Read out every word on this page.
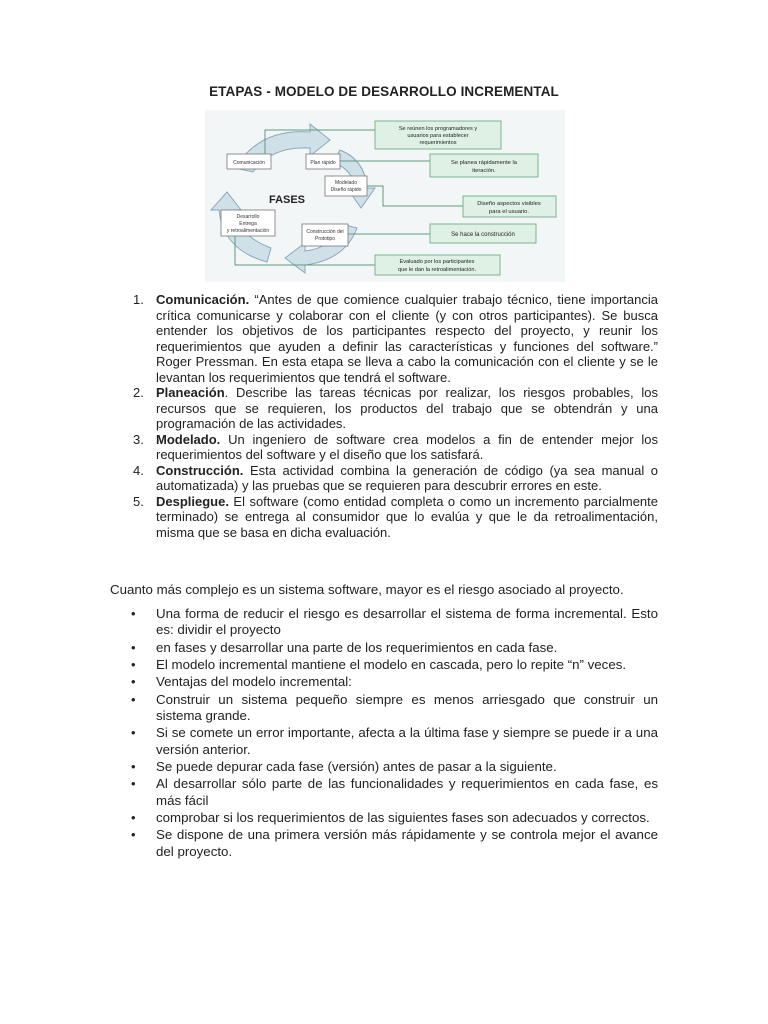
ETAPAS - MODELO DE DESARROLLO INCREMENTAL
Comunicación	Plan rápido
Modelado
Diseño rápido
Construcción del
Prototipo
Desarrollo
Entrega
y retroalimentación
FASES
Se reúnen los programadores y
usuarios para establecer
requerimientos
Se planea rápidamente la
iteración.
Diseño aspectos visibles
para el usuario.
Se hace la construcción
Evaluado por los participantes
que le dan la retroalimentación.
1. Comunicación. “Antes de que comience cualquier trabajo técnico, tiene importancia crítica comunicarse y colaborar con el cliente (y con otros participantes). Se busca entender los objetivos de los participantes respecto del proyecto, y reunir los requerimientos que ayuden a definir las características y funciones del software.” Roger Pressman. En esta etapa se lleva a cabo la comunicación con el cliente y se le levantan los requerimientos que tendrá el software.
2. Planeación. Describe las tareas técnicas por realizar, los riesgos probables, los recursos que se requieren, los productos del trabajo que se obtendrán y una programación de las actividades.
3. Modelado. Un ingeniero de software crea modelos a fin de entender mejor los requerimientos del software y el diseño que los satisfará.
4. Construcción. Esta actividad combina la generación de código (ya sea manual o automatizada) y las pruebas que se requieren para descubrir errores en este.
5. Despliegue. El software (como entidad completa o como un incremento parcialmente terminado) se entrega al consumidor que lo evalúa y que le da retroalimentación, misma que se basa en dicha evaluación.
Cuanto más complejo es un sistema software, mayor es el riesgo asociado al proyecto.
• Una forma de reducir el riesgo es desarrollar el sistema de forma incremental. Esto es: dividir el proyecto
• en fases y desarrollar una parte de los requerimientos en cada fase.
• El modelo incremental mantiene el modelo en cascada, pero lo repite “n” veces.
• Ventajas del modelo incremental:
• Construir un sistema pequeño siempre es menos arriesgado que construir un sistema grande.
• Si se comete un error importante, afecta a la última fase y siempre se puede ir a una versión anterior.
• Se puede depurar cada fase (versión) antes de pasar a la siguiente.
• Al desarrollar sólo parte de las funcionalidades y requerimientos en cada fase, es más fácil
• comprobar si los requerimientos de las siguientes fases son adecuados y correctos.
• Se dispone de una primera versión más rápidamente y se controla mejor el avance del proyecto.
